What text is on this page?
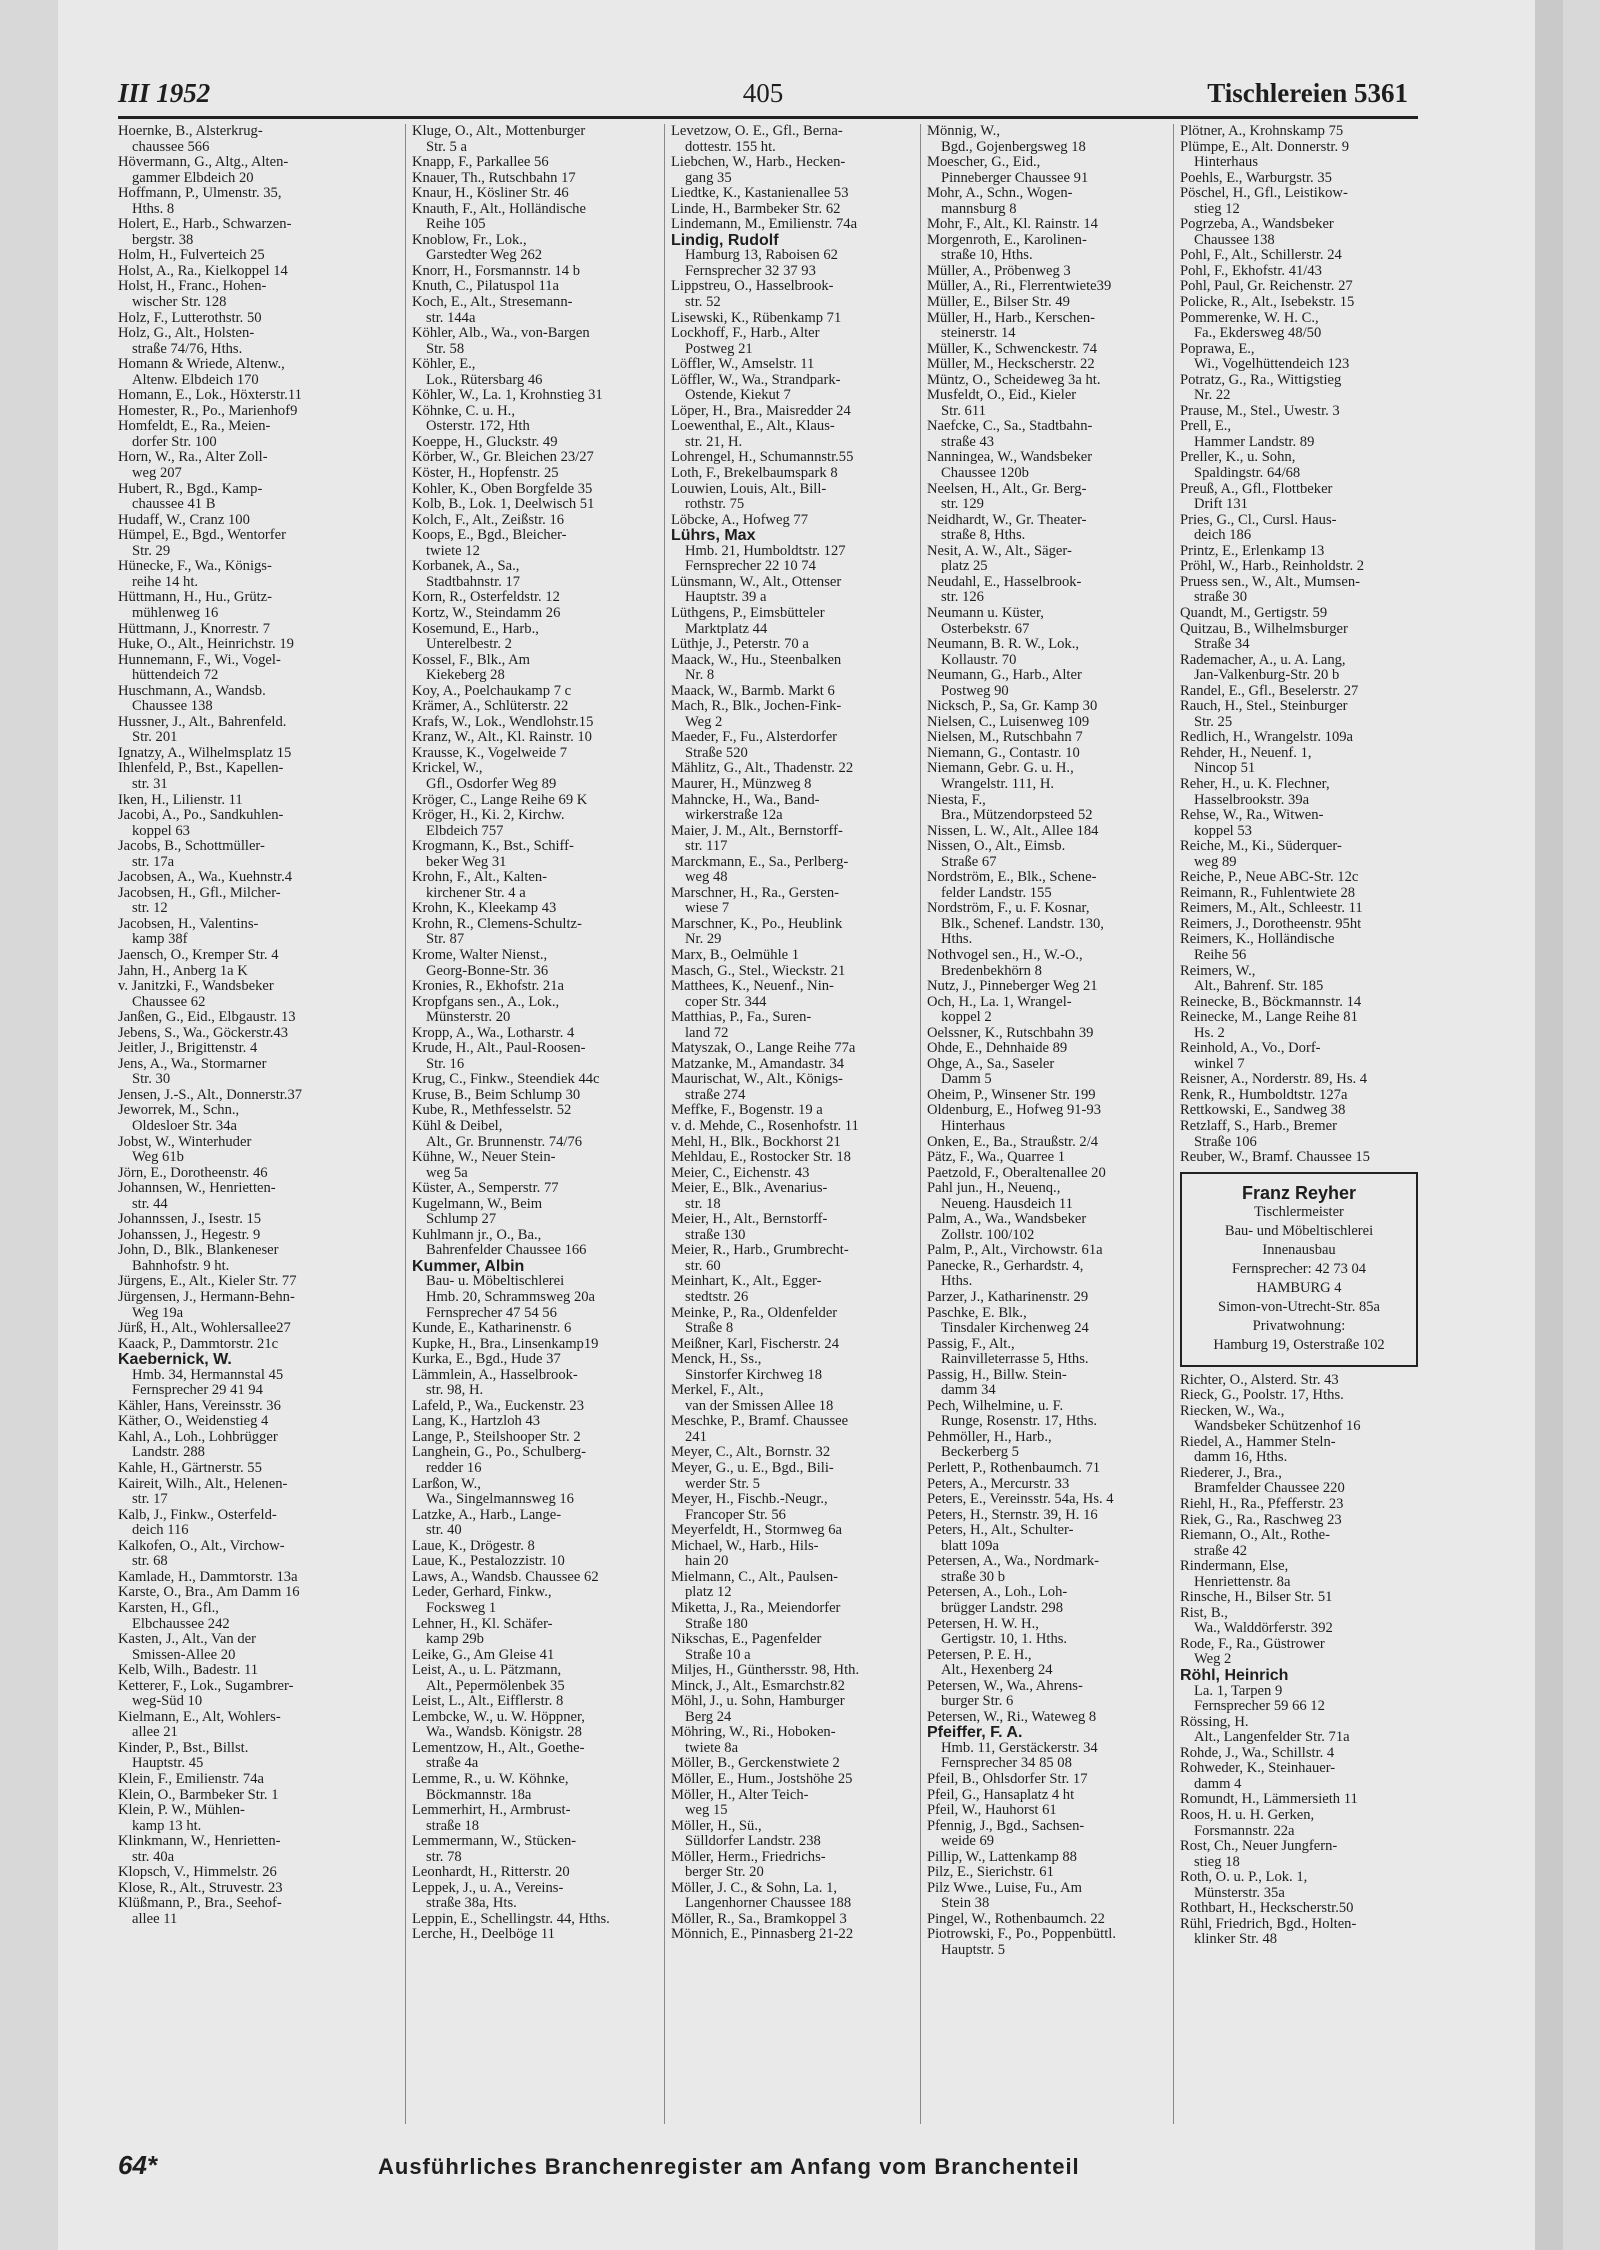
III 1952	405	Tischlereien 5361
Hoernke, B., Alsterkrug-
chaussee 566
Hövermann, G., Altg., Alten-
gammer Elbdeich 20
Hoffmann, P., Ulmenstr. 35,
Hths. 8
Holert, E., Harb., Schwarzen-
bergstr. 38
Holm, H., Fulverteich 25
Holst, A., Ra., Kielkoppel 14
Holst, H., Franc., Hohen-
wischer Str. 128
Holz, F., Lutterothstr. 50
Holz, G., Alt., Holsten-
straße 74/76, Hths.
Homann & Wriede, Altenw.,
Altenw. Elbdeich 170
Homann, E., Lok., Höxterstr.11
Homester, R., Po., Marienhof9
Homfeldt, E., Ra., Meien-
dorfer Str. 100
Horn, W., Ra., Alter Zoll-
weg 207
Hubert, R., Bgd., Kamp-
chaussee 41 B
Hudaff, W., Cranz 100
Hümpel, E., Bgd., Wentorfer
Str. 29
Hünecke, F., Wa., Königs-
reihe 14 ht.
Hüttmann, H., Hu., Grütz-
mühlenweg 16
Hüttmann, J., Knorrestr. 7
Huke, O., Alt., Heinrichstr. 19
Hunnemann, F., Wi., Vogel-
hüttendeich 72
Huschmann, A., Wandsb.
Chaussee 138
Hussner, J., Alt., Bahrenfeld.
Str. 201
Ignatzy, A., Wilhelmsplatz 15
Ihlenfeld, P., Bst., Kapellen-
str. 31
Iken, H., Lilienstr. 11
Jacobi, A., Po., Sandkuhlen-
koppel 63
Jacobs, B., Schottmüller-
str. 17a
Jacobsen, A., Wa., Kuehnstr.4
Jacobsen, H., Gfl., Milcher-
str. 12
Jacobsen, H., Valentins-
kamp 38f
Jaensch, O., Kremper Str. 4
Jahn, H., Anberg 1a K
v. Janitzki, F., Wandsbeker
Chaussee 62
Janßen, G., Eid., Elbgaustr. 13
Jebens, S., Wa., Göckerstr.43
Jeitler, J., Brigittenstr. 4
Jens, A., Wa., Stormarner
Str. 30
Jensen, J.-S., Alt., Donnerstr.37
Jeworrek, M., Schn.,
Oldesloer Str. 34a
Jobst, W., Winterhuder
Weg 61b
Jörn, E., Dorotheenstr. 46
Johannsen, W., Henrietten-
str. 44
Johannssen, J., Isestr. 15
Johanssen, J., Hegestr. 9
John, D., Blk., Blankeneser
Bahnhofstr. 9 ht.
Jürgens, E., Alt., Kieler Str. 77
Jürgensen, J., Hermann-Behn-
Weg 19a
Jürß, H., Alt., Wohlersallee27
Kaack, P., Dammtorstr. 21c
Kaebernick, W.
Hmb. 34, Hermannstal 45
Fernsprecher 29 41 94
Kähler, Hans, Vereinsstr. 36
Käther, O., Weidenstieg 4
Kahl, A., Loh., Lohbrügger
Landstr. 288
Kahle, H., Gärtnerstr. 55
Kaireit, Wilh., Alt., Helenen-
str. 17
Kalb, J., Finkw., Osterfeld-
deich 116
Kalkofen, O., Alt., Virchow-
str. 68
Kamlade, H., Dammtorstr. 13a
Karste, O., Bra., Am Damm 16
Karsten, H., Gfl.,
Elbchaussee 242
Kasten, J., Alt., Van der
Smissen-Allee 20
Kelb, Wilh., Badestr. 11
Ketterer, F., Lok., Sugambrer-
weg-Süd 10
Kielmann, E., Alt, Wohlers-
allee 21
Kinder, P., Bst., Billst.
Hauptstr. 45
Klein, F., Emilienstr. 74a
Klein, O., Barmbeker Str. 1
Klein, P. W., Mühlen-
kamp 13 ht.
Klinkmann, W., Henrietten-
str. 40a
Klopsch, V., Himmelstr. 26
Klose, R., Alt., Struvestr. 23
Klüßmann, P., Bra., Seehof-
allee 11
Kluge, O., Alt., Mottenburger
Str. 5 a
Knapp, F., Parkallee 56
Knauer, Th., Rutschbahn 17
Knaur, H., Kösliner Str. 46
Knauth, F., Alt., Holländische
Reihe 105
Knoblow, Fr., Lok.,
Garstedter Weg 262
Knorr, H., Forsmannstr. 14 b
Knuth, C., Pilatuspol 11a
Koch, E., Alt., Stresemann-
str. 144a
Köhler, Alb., Wa., von-Bargen
Str. 58
Köhler, E.,
Lok., Rütersbarg 46
Köhler, W., La. 1, Krohnstieg 31
Köhnke, C. u. H.,
Osterstr. 172, Hth
Koeppe, H., Gluckstr. 49
Körber, W., Gr. Bleichen 23/27
Köster, H., Hopfenstr. 25
Kohler, K., Oben Borgfelde 35
Kolb, B., Lok. 1, Deelwisch 51
Kolch, F., Alt., Zeißstr. 16
Koops, E., Bgd., Bleicher-
twiete 12
Korbanek, A., Sa.,
Stadtbahnstr. 17
Korn, R., Osterfeldstr. 12
Kortz, W., Steindamm 26
Kosemund, E., Harb.,
Unterelbestr. 2
Kossel, F., Blk., Am
Kiekeberg 28
Koy, A., Poelchaukamp 7 c
Krämer, A., Schlüterstr. 22
Krafs, W., Lok., Wendlohstr.15
Kranz, W., Alt., Kl. Rainstr. 10
Krausse, K., Vogelweide 7
Krickel, W.,
Gfl., Osdorfer Weg 89
Kröger, C., Lange Reihe 69 K
Kröger, H., Ki. 2, Kirchw.
Elbdeich 757
Krogmann, K., Bst., Schiff-
beker Weg 31
Krohn, F., Alt., Kalten-
kirchener Str. 4 a
Krohn, K., Kleekamp 43
Krohn, R., Clemens-Schultz-
Str. 87
Krome, Walter Nienst.,
Georg-Bonne-Str. 36
Kronies, R., Ekhofstr. 21a
Kropfgans sen., A., Lok.,
Münsterstr. 20
Kropp, A., Wa., Lotharstr. 4
Krude, H., Alt., Paul-Roosen-
Str. 16
Krug, C., Finkw., Steendiek 44c
Kruse, B., Beim Schlump 30
Kube, R., Methfesselstr. 52
Kühl & Deibel,
Alt., Gr. Brunnenstr. 74/76
Kühne, W., Neuer Stein-
weg 5a
Küster, A., Semperstr. 77
Kugelmann, W., Beim
Schlump 27
Kuhlmann jr., O., Ba.,
Bahrenfelder Chaussee 166
Kummer, Albin
Bau- u. Möbeltischlerei
Hmb. 20, Schrammsweg 20a
Fernsprecher 47 54 56
Kunde, E., Katharinenstr. 6
Kupke, H., Bra., Linsenkamp19
Kurka, E., Bgd., Hude 37
Lämmlein, A., Hasselbrook-
str. 98, H.
Lafeld, P., Wa., Euckenstr. 23
Lang, K., Hartzloh 43
Lange, P., Steilshooper Str. 2
Langhein, G., Po., Schulberg-
redder 16
Larßon, W.,
Wa., Singelmannsweg 16
Latzke, A., Harb., Lange-
str. 40
Laue, K., Drögestr. 8
Laue, K., Pestalozzistr. 10
Laws, A., Wandsb. Chaussee 62
Leder, Gerhard, Finkw.,
Focksweg 1
Lehner, H., Kl. Schäfer-
kamp 29b
Leike, G., Am Gleise 41
Leist, A., u. L. Pätzmann,
Alt., Pepermölenbek 35
Leist, L., Alt., Eifflerstr. 8
Lembcke, W., u. W. Höppner,
Wa., Wandsb. Königstr. 28
Lementzow, H., Alt., Goethe-
straße 4a
Lemme, R., u. W. Köhnke,
Böckmannstr. 18a
Lemmerhirt, H., Armbrust-
straße 18
Lemmermann, W., Stücken-
str. 78
Leonhardt, H., Ritterstr. 20
Leppek, J., u. A., Vereins-
straße 38a, Hts.
Leppin, E., Schellingstr. 44, Hths.
Lerche, H., Deelböge 11
Levetzow, O. E., Gfl., Berna-
dottestr. 155 ht.
Liebchen, W., Harb., Hecken-
gang 35
Liedtke, K., Kastanienallee 53
Linde, H., Barmbeker Str. 62
Lindemann, M., Emilienstr. 74a
Lindig, Rudolf
Hamburg 13, Raboisen 62
Fernsprecher 32 37 93
Lippstreu, O., Hasselbrook-
str. 52
Lisewski, K., Rübenkamp 71
Lockhoff, F., Harb., Alter
Postweg 21
Löffler, W., Amselstr. 11
Löffler, W., Wa., Strandpark-
Ostende, Kiekut 7
Löper, H., Bra., Maisredder 24
Loewenthal, E., Alt., Klaus-
str. 21, H.
Lohrengel, H., Schumannstr.55
Loth, F., Brekelbaumspark 8
Louwien, Louis, Alt., Bill-
rothstr. 75
Löbcke, A., Hofweg 77
Lührs, Max
Hmb. 21, Humboldtstr. 127
Fernsprecher 22 10 74
Lünsmann, W., Alt., Ottenser
Hauptstr. 39 a
Lüthgens, P., Eimsbütteler
Marktplatz 44
Lüthje, J., Peterstr. 70 a
Maack, W., Hu., Steenbalken
Nr. 8
Maack, W., Barmb. Markt 6
Mach, R., Blk., Jochen-Fink-
Weg 2
Maeder, F., Fu., Alsterdorfer
Straße 520
Mählitz, G., Alt., Thadenstr. 22
Maurer, H., Münzweg 8
Mahncke, H., Wa., Band-
wirkerstraße 12a
Maier, J. M., Alt., Bernstorff-
str. 117
Marckmann, E., Sa., Perlberg-
weg 48
Marschner, H., Ra., Gersten-
wiese 7
Marschner, K., Po., Heublink
Nr. 29
Marx, B., Oelmühle 1
Masch, G., Stel., Wieckstr. 21
Matthees, K., Neuenf., Nin-
coper Str. 344
Matthias, P., Fa., Suren-
land 72
Matyszak, O., Lange Reihe 77a
Matzanke, M., Amandastr. 34
Maurischat, W., Alt., Königs-
straße 274
Meffke, F., Bogenstr. 19 a
v. d. Mehde, C., Rosenhofstr. 11
Mehl, H., Blk., Bockhorst 21
Mehldau, E., Rostocker Str. 18
Meier, C., Eichenstr. 43
Meier, E., Blk., Avenarius-
str. 18
Meier, H., Alt., Bernstorff-
straße 130
Meier, R., Harb., Grumbrecht-
str. 60
Meinhart, K., Alt., Egger-
stedtstr. 26
Meinke, P., Ra., Oldenfelder
Straße 8
Meißner, Karl, Fischerstr. 24
Menck, H., Ss.,
Sinstorfer Kirchweg 18
Merkel, F., Alt.,
van der Smissen Allee 18
Meschke, P., Bramf. Chaussee
241
Meyer, C., Alt., Bornstr. 32
Meyer, G., u. E., Bgd., Bili-
werder Str. 5
Meyer, H., Fischb.-Neugr.,
Francoper Str. 56
Meyerfeldt, H., Stormweg 6a
Michael, W., Harb., Hils-
hain 20
Mielmann, C., Alt., Paulsen-
platz 12
Miketta, J., Ra., Meiendorfer
Straße 180
Nikschas, E., Pagenfelder
Straße 10 a
Miljes, H., Günthersstr. 98, Hth.
Minck, J., Alt., Esmarchstr.82
Möhl, J., u. Sohn, Hamburger
Berg 24
Möhring, W., Ri., Hoboken-
twiete 8a
Möller, B., Gerckenstwiete 2
Möller, E., Hum., Jostshöhe 25
Möller, H., Alter Teich-
weg 15
Möller, H., Sü.,
Sülldorfer Landstr. 238
Möller, Herm., Friedrichs-
berger Str. 20
Möller, J. C., & Sohn, La. 1,
Langenhorner Chaussee 188
Möller, R., Sa., Bramkoppel 3
Mönnich, E., Pinnasberg 21-22
Mönnig, W.,
Bgd., Gojenbergsweg 18
Moescher, G., Eid.,
Pinneberger Chaussee 91
Mohr, A., Schn., Wogen-
mannsburg 8
Mohr, F., Alt., Kl. Rainstr. 14
Morgenroth, E., Karolinen-
straße 10, Hths.
Müller, A., Pröbenweg 3
Müller, A., Ri., Flerrentwiete39
Müller, E., Bilser Str. 49
Müller, H., Harb., Kerschen-
steinerstr. 14
Müller, K., Schwenckestr. 74
Müller, M., Heckscherstr. 22
Müntz, O., Scheideweg 3a ht.
Musfeldt, O., Eid., Kieler
Str. 611
Naefcke, C., Sa., Stadtbahn-
straße 43
Nanningea, W., Wandsbeker
Chaussee 120b
Neelsen, H., Alt., Gr. Berg-
str. 129
Neidhardt, W., Gr. Theater-
straße 8, Hths.
Nesit, A. W., Alt., Säger-
platz 25
Neudahl, E., Hasselbrook-
str. 126
Neumann u. Küster,
Osterbekstr. 67
Neumann, B. R. W., Lok.,
Kollaustr. 70
Neumann, G., Harb., Alter
Postweg 90
Nicksch, P., Sa, Gr. Kamp 30
Nielsen, C., Luisenweg 109
Nielsen, M., Rutschbahn 7
Niemann, G., Contastr. 10
Niemann, Gebr. G. u. H.,
Wrangelstr. 111, H.
Niesta, F.,
Bra., Mützendorpsteed 52
Nissen, L. W., Alt., Allee 184
Nissen, O., Alt., Eimsb.
Straße 67
Nordström, E., Blk., Schene-
felder Landstr. 155
Nordström, F., u. F. Kosnar,
Blk., Schenef. Landstr. 130,
Hths.
Nothvogel sen., H., W.-O.,
Bredenbekhörn 8
Nutz, J., Pinneberger Weg 21
Och, H., La. 1, Wrangel-
koppel 2
Oelssner, K., Rutschbahn 39
Ohde, E., Dehnhaide 89
Ohge, A., Sa., Saseler
Damm 5
Oheim, P., Winsener Str. 199
Oldenburg, E., Hofweg 91-93
Hinterhaus
Onken, E., Ba., Straußstr. 2/4
Pätz, F., Wa., Quarree 1
Paetzold, F., Oberaltenallee 20
Pahl jun., H., Neuenq.,
Neueng. Hausdeich 11
Palm, A., Wa., Wandsbeker
Zollstr. 100/102
Palm, P., Alt., Virchowstr. 61a
Panecke, R., Gerhardstr. 4,
Hths.
Parzer, J., Katharinenstr. 29
Paschke, E. Blk.,
Tinsdaler Kirchenweg 24
Passig, F., Alt.,
Rainvilleterrasse 5, Hths.
Passig, H., Billw. Stein-
damm 34
Pech, Wilhelmine, u. F.
Runge, Rosenstr. 17, Hths.
Pehmöller, H., Harb.,
Beckerberg 5
Perlett, P., Rothenbaumch. 71
Peters, A., Mercurstr. 33
Peters, E., Vereinsstr. 54a, Hs. 4
Peters, H., Sternstr. 39, H. 16
Peters, H., Alt., Schulter-
blatt 109a
Petersen, A., Wa., Nordmark-
straße 30 b
Petersen, A., Loh., Loh-
brügger Landstr. 298
Petersen, H. W. H.,
Gertigstr. 10, 1. Hths.
Petersen, P. E. H.,
Alt., Hexenberg 24
Petersen, W., Wa., Ahrens-
burger Str. 6
Petersen, W., Ri., Wateweg 8
Pfeiffer, F. A.
Hmb. 11, Gerstäckerstr. 34
Fernsprecher 34 85 08
Pfeil, B., Ohlsdorfer Str. 17
Pfeil, G., Hansaplatz 4 ht
Pfeil, W., Hauhorst 61
Pfennig, J., Bgd., Sachsen-
weide 69
Pillip, W., Lattenkamp 88
Pilz, E., Sierichstr. 61
Pilz Wwe., Luise, Fu., Am
Stein 38
Pingel, W., Rothenbaumch. 22
Piotrowski, F., Po., Poppenbüttl.
Hauptstr. 5
Plötner, A., Krohnskamp 75
Plümpe, E., Alt. Donnerstr. 9
Hinterhaus
Poehls, E., Warburgstr. 35
Pöschel, H., Gfl., Leistikow-
stieg 12
Pogrzeba, A., Wandsbeker
Chaussee 138
Pohl, F., Alt., Schillerstr. 24
Pohl, F., Ekhofstr. 41/43
Pohl, Paul, Gr. Reichenstr. 27
Policke, R., Alt., Isebekstr. 15
Pommerenke, W. H. C.,
Fa., Ekdersweg 48/50
Poprawa, E.,
Wi., Vogelhüttendeich 123
Potratz, G., Ra., Wittigstieg
Nr. 22
Prause, M., Stel., Uwestr. 3
Prell, E.,
Hammer Landstr. 89
Preller, K., u. Sohn,
Spaldingstr. 64/68
Preuß, A., Gfl., Flottbeker
Drift 131
Pries, G., Cl., Cursl. Haus-
deich 186
Printz, E., Erlenkamp 13
Pröhl, W., Harb., Reinholdstr. 2
Pruess sen., W., Alt., Mumsen-
straße 30
Quandt, M., Gertigstr. 59
Quitzau, B., Wilhelmsburger
Straße 34
Rademacher, A., u. A. Lang,
Jan-Valkenburg-Str. 20 b
Randel, E., Gfl., Beselerstr. 27
Rauch, H., Stel., Steinburger
Str. 25
Redlich, H., Wrangelstr. 109a
Rehder, H., Neuenf. 1,
Nincop 51
Reher, H., u. K. Flechner,
Hasselbrookstr. 39a
Rehse, W., Ra., Witwen-
koppel 53
Reiche, M., Ki., Süderquer-
weg 89
Reiche, P., Neue ABC-Str. 12c
Reimann, R., Fuhlentwiete 28
Reimers, M., Alt., Schleestr. 11
Reimers, J., Dorotheenstr. 95ht
Reimers, K., Holländische
Reihe 56
Reimers, W.,
Alt., Bahrenf. Str. 185
Reinecke, B., Böckmannstr. 14
Reinecke, M., Lange Reihe 81
Hs. 2
Reinhold, A., Vo., Dorf-
winkel 7
Reisner, A., Norderstr. 89, Hs. 4
Renk, R., Humboldtstr. 127a
Rettkowski, E., Sandweg 38
Retzlaff, S., Harb., Bremer
Straße 106
Reuber, W., Bramf. Chaussee 15
Franz Reyher
Tischlermeister
Bau- und Möbeltischlerei
Innenausbau
Fernsprecher: 42 73 04
HAMBURG 4
Simon-von-Utrecht-Str. 85a
Privatwohnung:
Hamburg 19, Osterstraße 102
Richter, O., Alsterd. Str. 43
Rieck, G., Poolstr. 17, Hths.
Riecken, W., Wa.,
Wandsbeker Schützenhof 16
Riedel, A., Hammer Steln-
damm 16, Hths.
Riederer, J., Bra.,
Bramfelder Chaussee 220
Riehl, H., Ra., Pfefferstr. 23
Riek, G., Ra., Raschweg 23
Riemann, O., Alt., Rothe-
straße 42
Rindermann, Else,
Henriettenstr. 8a
Rinsche, H., Bilser Str. 51
Rist, B.,
Wa., Walddörferstr. 392
Rode, F., Ra., Güstrower
Weg 2
Röhl, Heinrich
La. 1, Tarpen 9
Fernsprecher 59 66 12
Rössing, H.
Alt., Langenfelder Str. 71a
Rohde, J., Wa., Schillstr. 4
Rohweder, K., Steinhauer-
damm 4
Romundt, H., Lämmersieth 11
Roos, H. u. H. Gerken,
Forsmannstr. 22a
Rost, Ch., Neuer Jungfern-
stieg 18
Roth, O. u. P., Lok. 1,
Münsterstr. 35a
Rothbart, H., Heckscherstr.50
Rühl, Friedrich, Bgd., Holten-
klinker Str. 48
64*	Ausführliches Branchenregister am Anfang vom Branchenteil
